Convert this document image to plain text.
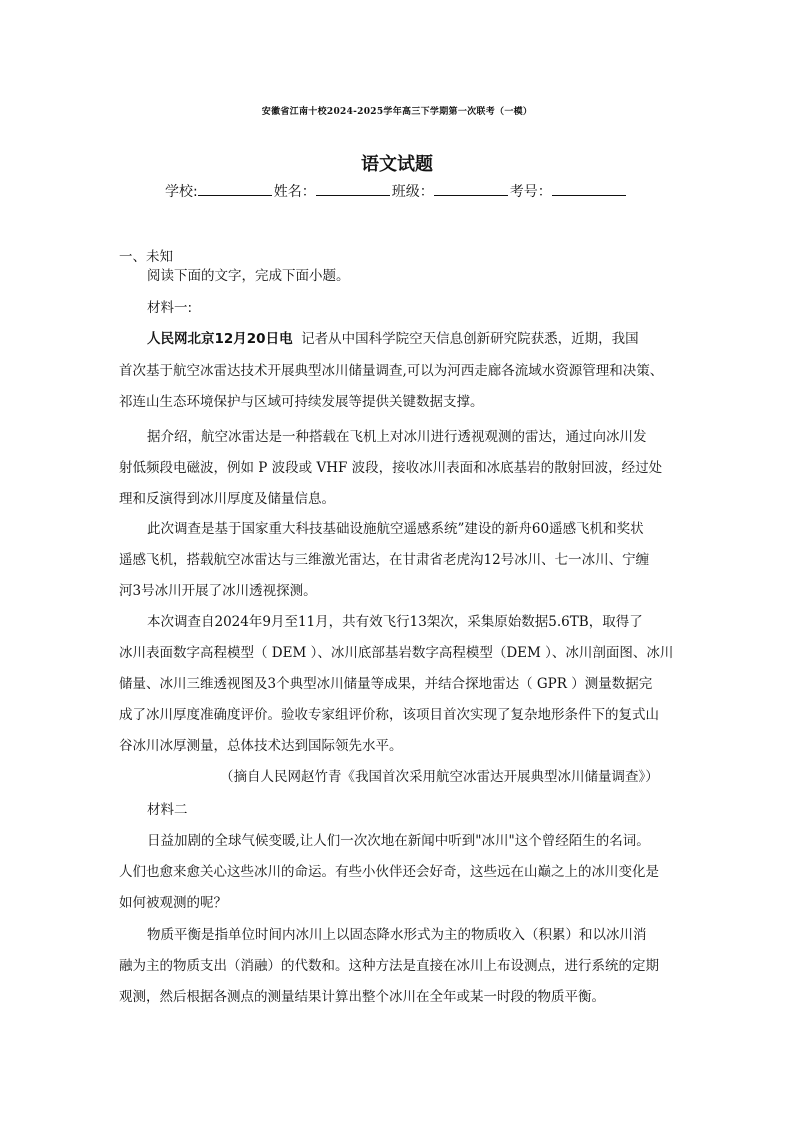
安徽省江南十校2024-2025学年高三下学期第一次联考（一模）
语文试题
学校:	姓名：	班级：	考号：
一、未知
阅读下面的文字，完成下面小题。
材料一:
人民网北京12月20日电 记者从中国科学院空天信息创新研究院获悉，近期，我国
首次基于航空冰雷达技术开展典型冰川储量调查,可以为河西走廊各流域水资源管理和决策、
祁连山生态环境保护与区域可持续发展等提供关键数据支撑。
据介绍，航空冰雷达是一种搭载在飞机上对冰川进行透视观测的雷达，通过向冰川发
射低频段电磁波，例如 P 波段或 VHF 波段，接收冰川表面和冰底基岩的散射回波，经过处
理和反演得到冰川厚度及储量信息。
此次调查是基于国家重大科技基础设施航空遥感系统”建设的新舟60遥感飞机和奖状
遥感飞机，搭载航空冰雷达与三维激光雷达，在甘肃省老虎沟12号冰川、七一冰川、宁缠
河3号冰川开展了冰川透视探测。
本次调查自2024年9月至11月，共有效飞行13架次，采集原始数据5.6TB，取得了
冰川表面数字高程模型（ DEM ）、冰川底部基岩数字高程模型（DEM ）、冰川剖面图、冰川
储量、冰川三维透视图及3个典型冰川储量等成果，并结合探地雷达（ GPR ）测量数据完
成了冰川厚度准确度评价。验收专家组评价称，该项目首次实现了复杂地形条件下的复式山
谷冰川冰厚测量，总体技术达到国际领先水平。
（摘自人民网赵竹青《我国首次采用航空冰雷达开展典型冰川储量调查》）
材料二
日益加剧的全球气候变暖,让人们一次次地在新闻中听到"冰川"这个曾经陌生的名词。
人们也愈来愈关心这些冰川的命运。有些小伙伴还会好奇，这些远在山巅之上的冰川变化是
如何被观测的呢？
物质平衡是指单位时间内冰川上以固态降水形式为主的物质收入（积累）和以冰川消
融为主的物质支出（消融）的代数和。这种方法是直接在冰川上布设测点，进行系统的定期
观测，然后根据各测点的测量结果计算出整个冰川在全年或某一时段的物质平衡。
